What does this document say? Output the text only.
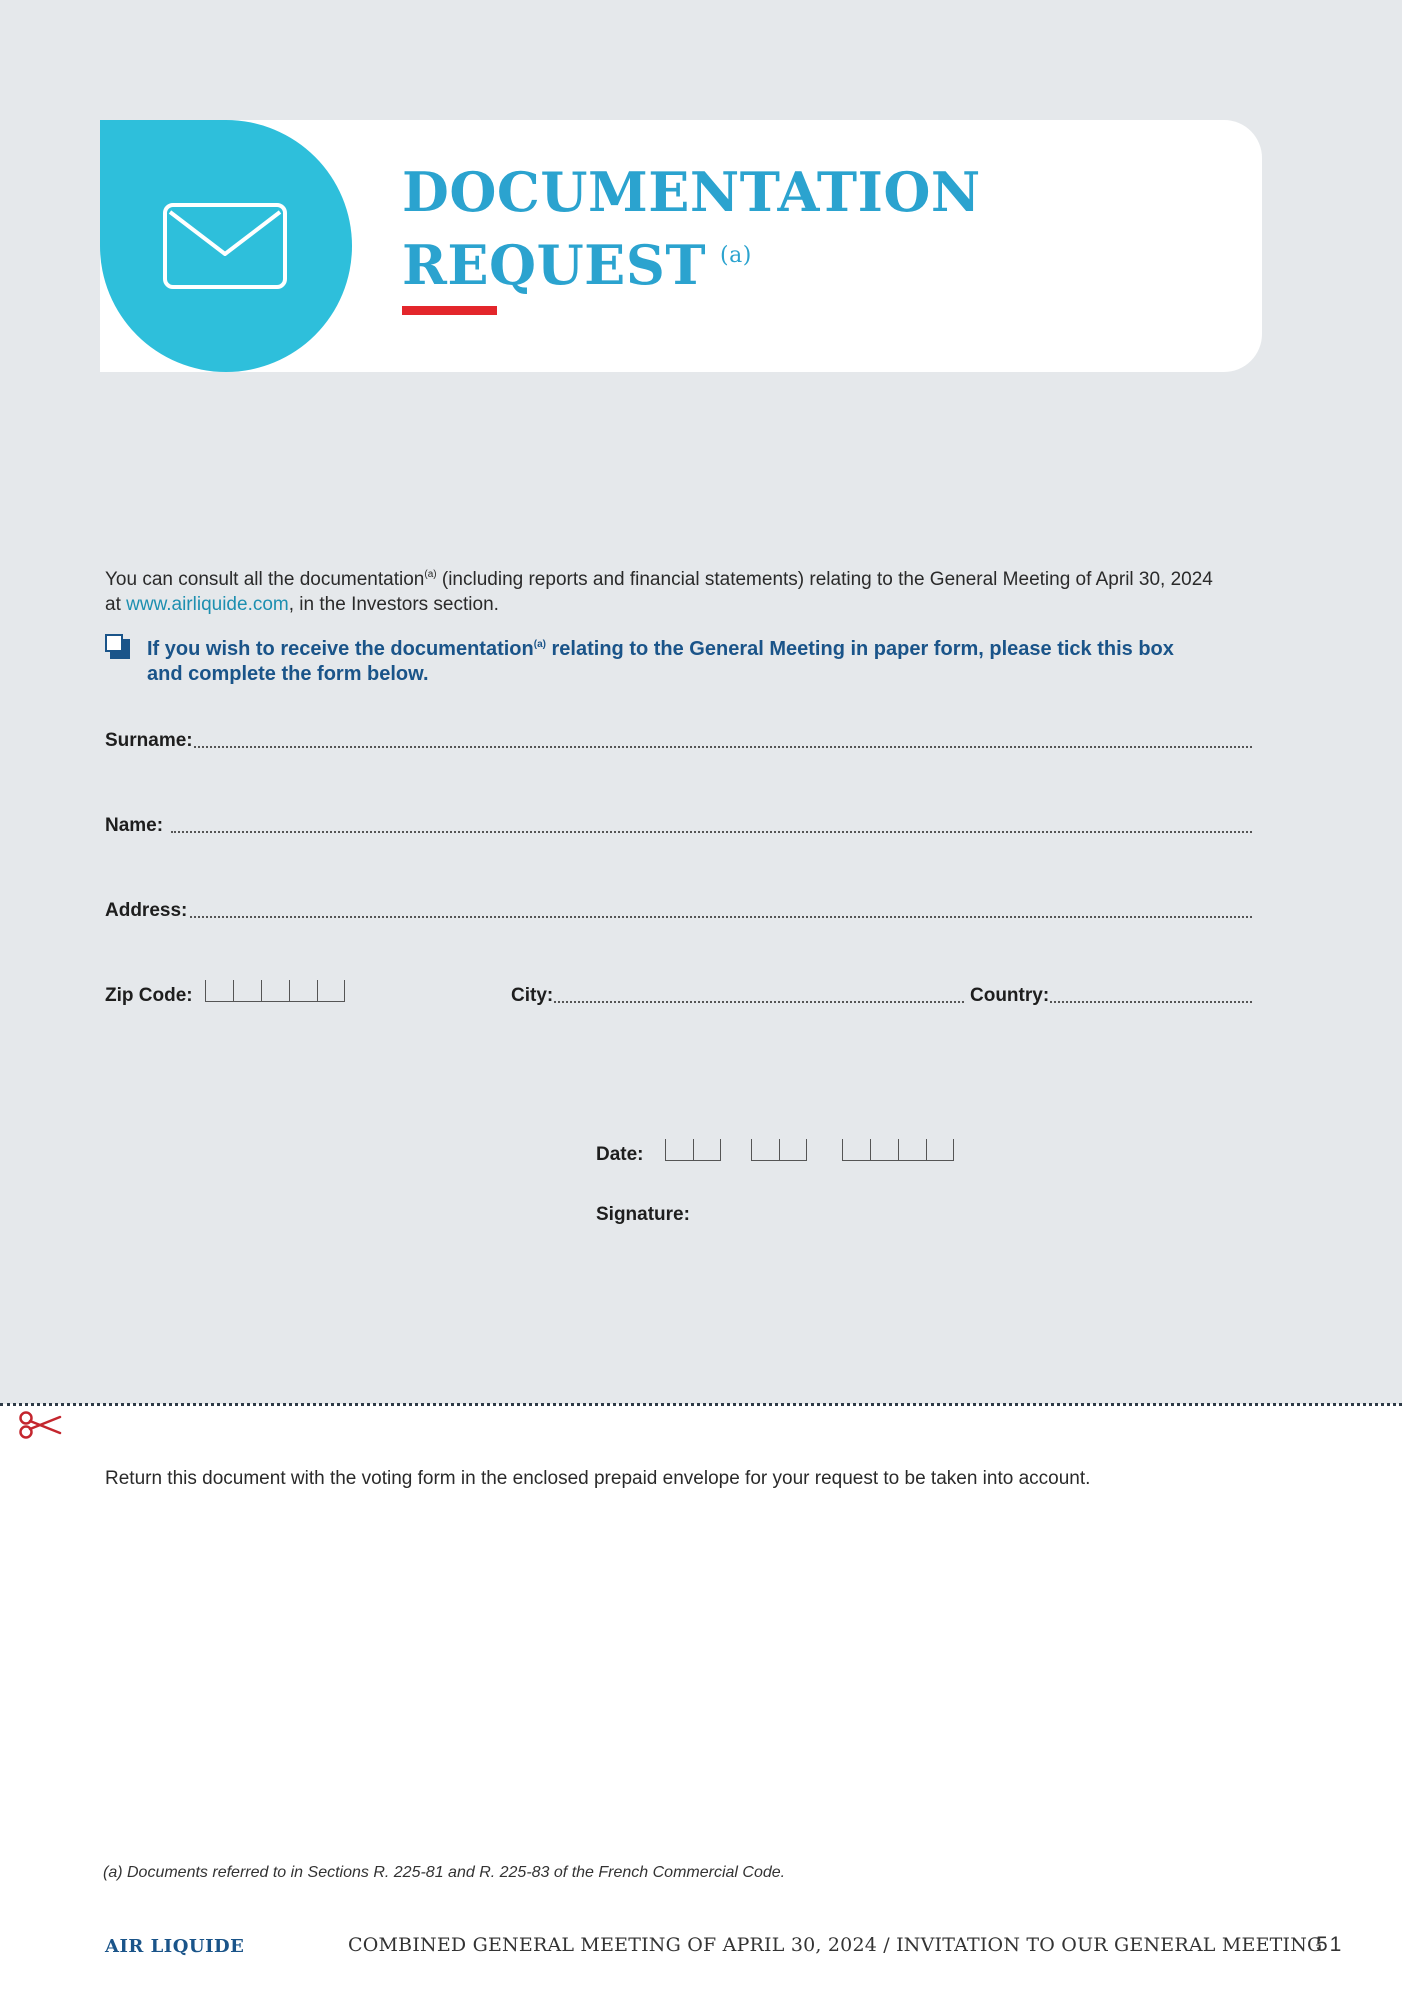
DOCUMENTATION
REQUEST $^{(a)}$
You can consult all the documentation$^{(a)}$ (including reports and financial statements) relating to the General Meeting of April 30, 2024
at www.airliquide.com, in the Investors section.
If you wish to receive the documentation$^{(a)}$ relating to the General Meeting in paper form, please tick this box
and complete the form below.
Surname:
Name:
Address:
Zip Code:	City:	Country:
Date:
Signature:
Return this document with the voting form in the enclosed prepaid envelope for your request to be taken into account.
(a) Documents referred to in Sections R. 225-81 and R. 225-83 of the French Commercial Code.
AIR LIQUIDE	COMBINED GENERAL MEETING OF APRIL 30, 2024 / INVITATION TO OUR GENERAL MEETING
51
